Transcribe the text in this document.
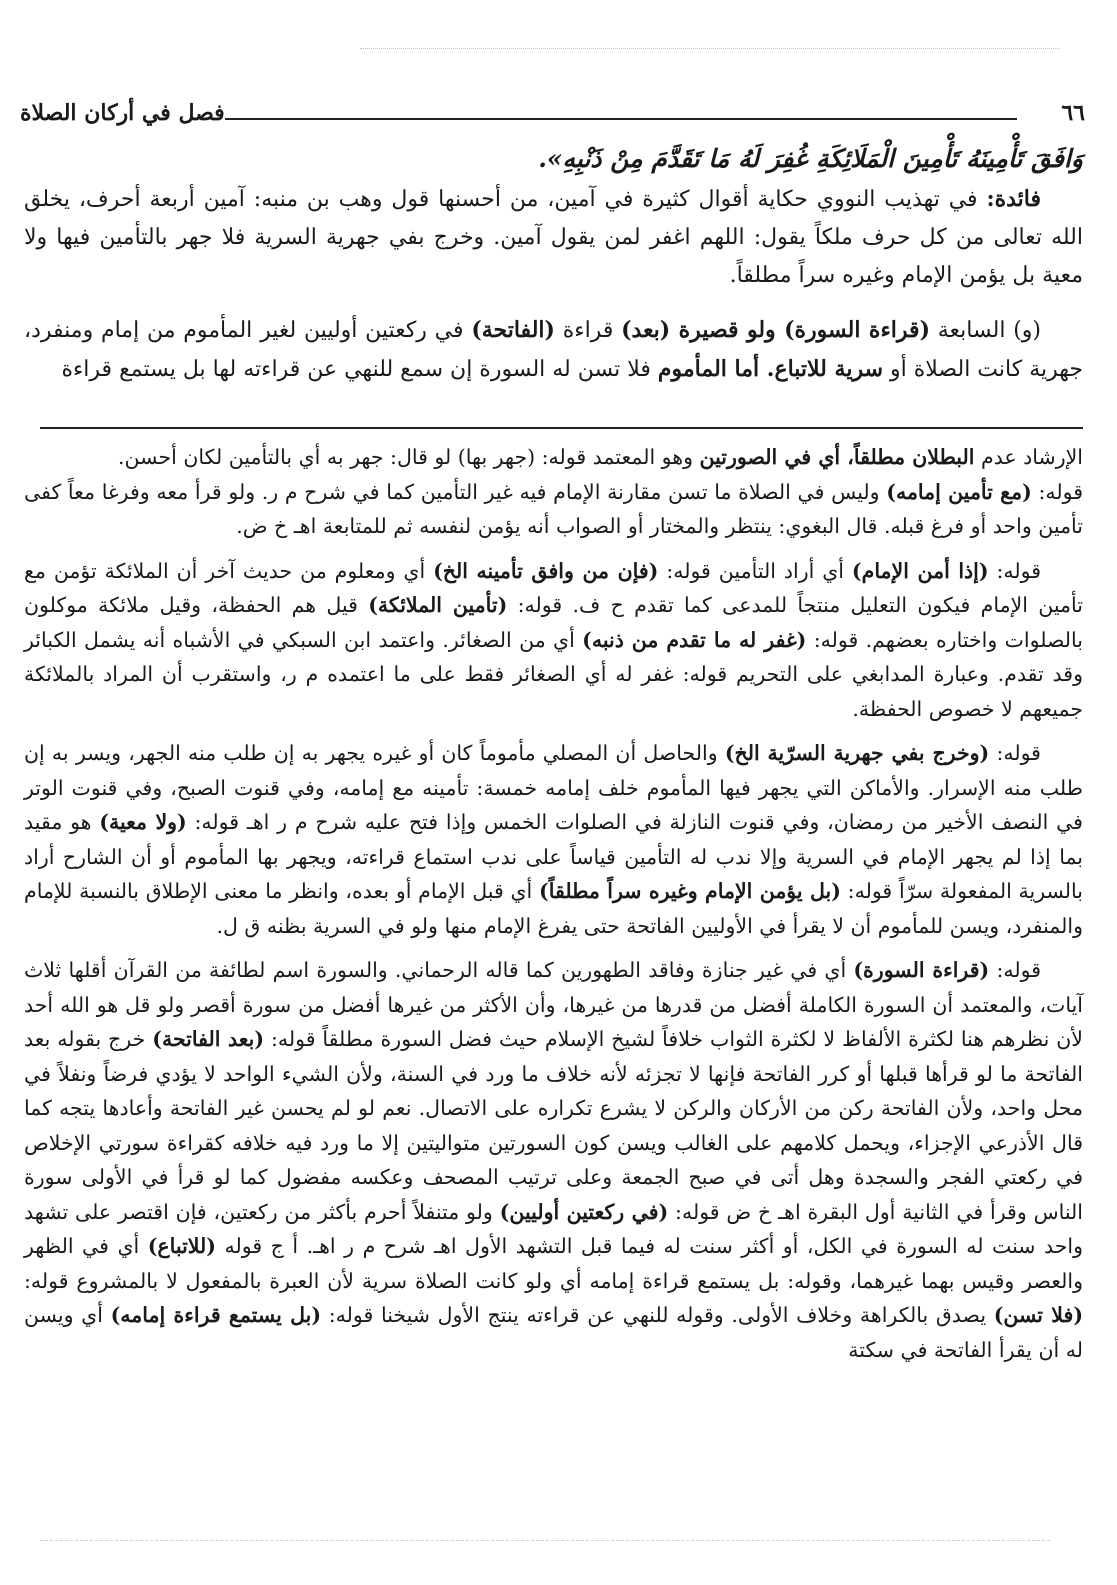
٦٦
فصل في أركان الصلاة

وَافَقَ تَأْمِينَهُ تَأْمِينَ الْمَلَائِكَةِ غُفِرَ لَهُ مَا تَقَدَّمَ مِنْ ذَنْبِهِ».

فائدة: في تهذيب النووي حكاية أقوال كثيرة في آمين، من أحسنها قول وهب بن منبه: آمين أربعة أحرف، يخلق الله تعالى من كل حرف ملكاً يقول: اللهم اغفر لمن يقول آمين. وخرج بفي جهرية السرية فلا جهر بالتأمين فيها ولا معية بل يؤمن الإمام وغيره سراً مطلقاً.

(و) السابعة (قراءة السورة) ولو قصيرة (بعد) قراءة (الفاتحة) في ركعتين أوليين لغير المأموم من إمام ومنفرد، جهرية كانت الصلاة أو سرية للاتباع. أما المأموم فلا تسن له السورة إن سمع للنهي عن قراءته لها بل يستمع قراءة

الإرشاد عدم البطلان مطلقاً، أي في الصورتين وهو المعتمد قوله: (جهر بها) لو قال: جهر به أي بالتأمين لكان أحسن.

قوله: (مع تأمين إمامه) وليس في الصلاة ما تسن مقارنة الإمام فيه غير التأمين كما في شرح م ر. ولو قرأ معه وفرغا معاً كفى تأمين واحد أو فرغ قبله. قال البغوي: ينتظر والمختار أو الصواب أنه يؤمن لنفسه ثم للمتابعة اهـ خ ض.

قوله: (إذا أمن الإمام) أي أراد التأمين قوله: (فإن من وافق تأمينه الخ) أي ومعلوم من حديث آخر أن الملائكة تؤمن مع تأمين الإمام فيكون التعليل منتجاً للمدعى كما تقدم ح ف. قوله: (تأمين الملائكة) قيل هم الحفظة، وقيل ملائكة موكلون بالصلوات واختاره بعضهم. قوله: (غفر له ما تقدم من ذنبه) أي من الصغائر. واعتمد ابن السبكي في الأشباه أنه يشمل الكبائر وقد تقدم. وعبارة المدابغي على التحريم قوله: غفر له أي الصغائر فقط على ما اعتمده م ر، واستقرب أن المراد بالملائكة جميعهم لا خصوص الحفظة.

قوله: (وخرج بفي جهرية السرّية الخ) والحاصل أن المصلي مأموماً كان أو غيره يجهر به إن طلب منه الجهر، ويسر به إن طلب منه الإسرار. والأماكن التي يجهر فيها المأموم خلف إمامه خمسة: تأمينه مع إمامه، وفي قنوت الصبح، وفي قنوت الوتر في النصف الأخير من رمضان، وفي قنوت النازلة في الصلوات الخمس وإذا فتح عليه شرح م ر اهـ قوله: (ولا معية) هو مقيد بما إذا لم يجهر الإمام في السرية وإلا ندب له التأمين قياساً على ندب استماع قراءته، ويجهر بها المأموم أو أن الشارح أراد بالسرية المفعولة سرّاً قوله: (بل يؤمن الإمام وغيره سراً مطلقاً) أي قبل الإمام أو بعده، وانظر ما معنى الإطلاق بالنسبة للإمام والمنفرد، ويسن للمأموم أن لا يقرأ في الأوليين الفاتحة حتى يفرغ الإمام منها ولو في السرية بظنه ق ل.

قوله: (قراءة السورة) أي في غير جنازة وفاقد الطهورين كما قاله الرحماني. والسورة اسم لطائفة من القرآن أقلها ثلاث آيات، والمعتمد أن السورة الكاملة أفضل من قدرها من غيرها، وأن الأكثر من غيرها أفضل من سورة أقصر ولو قل هو الله أحد لأن نظرهم هنا لكثرة الألفاظ لا لكثرة الثواب خلافاً لشيخ الإسلام حيث فضل السورة مطلقاً قوله: (بعد الفاتحة) خرج بقوله بعد الفاتحة ما لو قرأها قبلها أو كرر الفاتحة فإنها لا تجزئه لأنه خلاف ما ورد في السنة، ولأن الشيء الواحد لا يؤدي فرضاً ونفلاً في محل واحد، ولأن الفاتحة ركن من الأركان والركن لا يشرع تكراره على الاتصال. نعم لو لم يحسن غير الفاتحة وأعادها يتجه كما قال الأذرعي الإجزاء، ويحمل كلامهم على الغالب ويسن كون السورتين متواليتين إلا ما ورد فيه خلافه كقراءة سورتي الإخلاص في ركعتي الفجر والسجدة وهل أتى في صبح الجمعة وعلى ترتيب المصحف وعكسه مفضول كما لو قرأ في الأولى سورة الناس وقرأ في الثانية أول البقرة اهـ خ ض قوله: (في ركعتين أوليين) ولو متنفلاً أحرم بأكثر من ركعتين، فإن اقتصر على تشهد واحد سنت له السورة في الكل، أو أكثر سنت له فيما قبل التشهد الأول اهـ شرح م ر اهـ. أ ج قوله (للاتباع) أي في الظهر والعصر وقيس بهما غيرهما، وقوله: بل يستمع قراءة إمامه أي ولو كانت الصلاة سرية لأن العبرة بالمفعول لا بالمشروع قوله: (فلا تسن) يصدق بالكراهة وخلاف الأولى. وقوله للنهي عن قراءته ينتج الأول شيخنا قوله: (بل يستمع قراءة إمامه) أي ويسن له أن يقرأ الفاتحة في سكتة
